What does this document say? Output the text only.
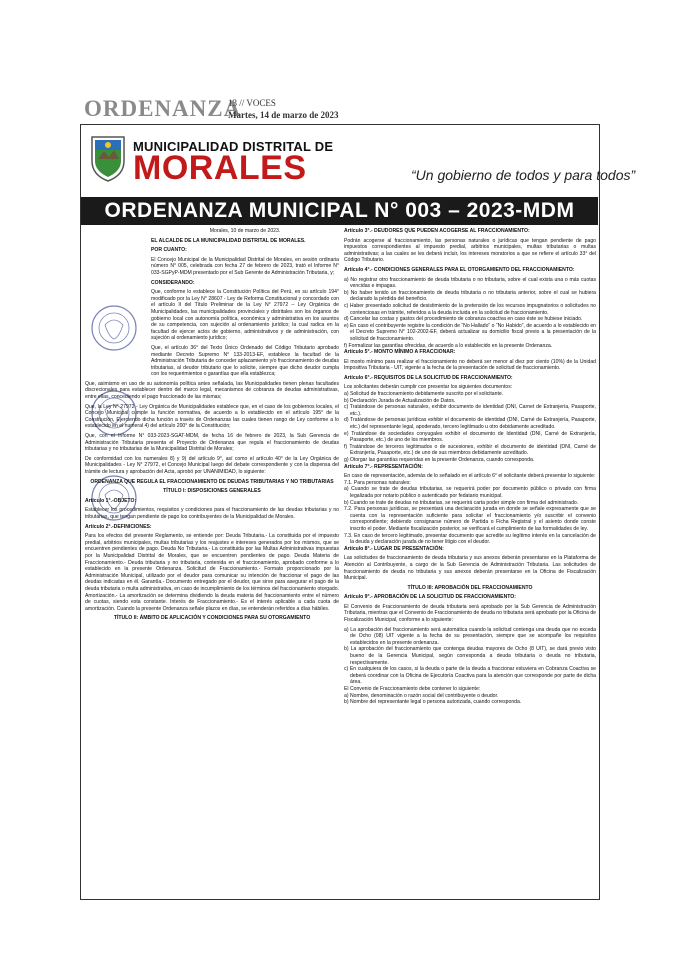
ORDENANZA
13 // VOCES
Martes, 14 de marzo de 2023
MUNICIPALIDAD DISTRITAL DE
MORALES	“Un gobierno de todos y para todos”
ORDENANZA MUNICIPAL N° 003 – 2023-MDM

Morales, 10 de marzo de 2023.

EL ALCALDE DE LA MUNICIPALIDAD DISTRITAL DE MORALES.

POR CUANTO:

El Concejo Municipal de la Municipalidad Distrital de Morales, en sesión ordinaria número N° 005, celebrada con fecha 27 de febrero de 2023, trató el Informe N° 033-SGPyP-MDM presentado por el Sub Gerente de Administración Tributaria, y;

CONSIDERANDO:

Que, conforme lo establece la Constitución Política del Perú, en su artículo 194° modificado por la Ley N° 28607 - Ley de Reforma Constitucional y concordado con el artículo II del Título Preliminar de la Ley N° 27972 – Ley Orgánica de Municipalidades, las municipalidades provinciales y distritales son los órganos de gobierno local con autonomía política, económica y administrativa en los asuntos de su competencia, con sujeción al ordenamiento jurídico; la cual radica en la facultad de ejercer actos de gobierno, administrativos y de administración, con sujeción al ordenamiento jurídico;

Que, el artículo 36° del Texto Único Ordenado del Código Tributario aprobado mediante Decreto Supremo N° 133-2013-EF, establece la facultad de la Administración Tributaria de conceder aplazamiento y/o fraccionamiento de deudas tributarias, al deudor tributario que lo solicite, siempre que dicho deudor cumpla con los requerimientos o garantías que ella establezca;

Que, asimismo en uso de su autonomía política antes señalada, las Municipalidades tienen plenas facultades discrecionales para establecer dentro del marco legal, mecanismos de cobranza de deudas administrativas, entre ellas, concediendo el pago fraccionado de las mismas;

Que, la Ley N° 27972 - Ley Orgánica de Municipalidades establece que, en el caso de los gobiernos locales, el Concejo Municipal cumple la función normativa, de acuerdo a lo establecido en el artículo 195° de la Constitución, Ejerciendo dicha función a través de Ordenanzas las cuales tienen rango de Ley conforme a lo establecido en el numeral 4) del artículo 200° de la Constitución;

Que, con el Informe N° 033-2023-SGAT-MDM, de fecha 16 de febrero de 2023, la Sub Gerencia de Administración Tributaria presenta el Proyecto de Ordenanza que regula el fraccionamiento de deudas tributarias y no tributarias de la Municipalidad Distrital de Morales;

De conformidad con los numerales 8) y 9) del artículo 9°, así como el artículo 40° de la Ley Orgánica de Municipalidades - Ley N° 27972, el Concejo Municipal luego del debate correspondiente y con la dispensa del trámite de lectura y aprobación del Acta, aprobó por UNANIMIDAD, lo siguiente:

ORDENANZA QUE REGULA EL FRACCIONAMIENTO DE DEUDAS TRIBUTARIAS Y NO TRIBUTARIAS

TÍTULO I: DISPOSICIONES GENERALES

Artículo 1°.-OBJETO:

Establecer los procedimientos, requisitos y condiciones para el fraccionamiento de las deudas tributarias y no tributarias, que tengan pendiente de pago los contribuyentes de la Municipalidad de Morales.

Artículo 2°.-DEFINICIONES:

Para los efectos del presente Reglamento, se entiende por: Deuda Tributaria.- La constituida por el impuesto predial, arbitrios municipales, multas tributarias y los reajustes e intereses generados por los mismos, que se encuentren pendientes de pago. Deuda No Tributaria.- La constituida por las Multas Administrativas impuestas por la Municipalidad Distrital de Morales, que se encuentren pendientes de pago. Deuda Materia de Fraccionamiento.- Deuda tributaria y no tributaria, contenida en el fraccionamiento, aprobado conforme a lo establecido en la presente Ordenanza. Solicitud de Fraccionamiento.- Formato proporcionado por la Administración Municipal, utilizado por el deudor para comunicar su intención de fraccionar el pago de las deudas indicadas en él. Garantía.- Documento entregado por el deudor, que sirve para asegurar el pago de la deuda tributaria o multa administrativa, en caso de incumplimiento de los términos del fraccionamiento otorgado. Amortización.- La amortización se determina dividiendo la deuda materia del fraccionamiento entre el número de cuotas, siendo esta constante. Interés de Fraccionamiento.- Es el interés aplicable a cada cuota de amortización. Cuando la presente Ordenanza señale plazos en días, se entenderán referidos a días hábiles.

TÍTULO II: ÁMBITO DE APLICACIÓN Y CONDICIONES PARA SU OTORGAMIENTO

Artículo 3°.- DEUDORES QUE PUEDEN ACOGERSE AL FRACCIONAMIENTO:

Podrán acogerse al fraccionamiento, las personas naturales o jurídicas que tengan pendiente de pago impuestos correspondientes al impuesto predial, arbitrios municipales, multas tributarias o multas administrativas; a las cuales se les deberá incluir, los intereses moratorios a que se refiere el artículo 33° del Código Tributario.

Artículo 4°.- CONDICIONES GENERALES PARA EL OTORGAMIENTO DEL FRACCIONAMIENTO:

a) No registrar otro fraccionamiento de deuda tributaria o no tributaria, sobre el cual exista una o más cuotas vencidas e impagas.

b) No haber tenido un fraccionamiento de deuda tributaria o no tributaria anterior, sobre el cual se hubiera declarado la pérdida del beneficio.

c) Haber presentado solicitud de desistimiento de la pretensión de los recursos impugnatorios o solicitudes no contenciosas en trámite, referidos a la deuda incluida en la solicitud de fraccionamiento.

d) Cancelar las costas y gastos del procedimiento de cobranza coactiva en caso éste se hubiese iniciado.

e) En caso el contribuyente registre la condición de “No Hallado” o “No Habido”, de acuerdo a lo establecido en el Decreto Supremo N° 102-2002-EF, deberá actualizar su domicilio fiscal previo a la presentación de la solicitud de fraccionamiento.

f) Formalizar las garantías ofrecidas, de acuerdo a lo establecido en la presente Ordenanza.

Artículo 5°.- MONTO MÍNIMO A FRACCIONAR:

El monto mínimo para realizar el fraccionamiento no deberá ser menor al diez por ciento (10%) de la Unidad Impositiva Tributaria - UIT, vigente a la fecha de la presentación de solicitud de fraccionamiento.

Artículo 6°.- REQUISITOS DE LA SOLICITUD DE FRACCIONAMIENTO:

Los solicitantes deberán cumplir con presentar los siguientes documentos:

a) Solicitud de fraccionamiento debidamente suscrito por el solicitante.

b) Declaración Jurada de Actualización de Datos.

c) Tratándose de personas naturales, exhibir documento de identidad (DNI, Carnet de Extranjería, Pasaporte, etc.).

d) Tratándose de personas jurídicas exhibir el documento de identidad (DNI, Carné de Extranjería, Pasaporte, etc.) del representante legal, apoderado, tercero legitimado u otro debidamente acreditado.

e) Tratándose de sociedades conyugales exhibir el documento de Identidad (DNI, Carné de Extranjería, Pasaporte, etc.) de uno de los miembros.

f) Tratándose de terceros legitimados o de sucesiones, exhibir el documento de identidad (DNI, Carné de Extranjería, Pasaporte, etc.) de uno de sus miembros debidamente acreditado.

g) Otorgar las garantías requeridas en la presente Ordenanza, cuando corresponda.

Artículo 7°.- REPRESENTACIÓN:

En caso de representación, además de lo señalado en el artículo 6° el solicitante deberá presentar lo siguiente:

7.1. Para personas naturales:

a) Cuando se trate de deudas tributarias, se requerirá poder por documento público o privado con firma legalizada por notario público o autenticado por fedatario municipal.

b) Cuando se trate de deudas no tributarias, se requerirá carta poder simple con firma del administrado.

7.2. Para personas jurídicas, se presentará una declaración jurada en donde se señale expresamente que se cuenta con la representación suficiente para solicitar el fraccionamiento y/o suscribir el convenio correspondiente; debiendo consignarse número de Partida o Ficha Registral y el asiento donde conste inscrito el poder. Mediante fiscalización posterior, se verificará el cumplimiento de las formalidades de ley.

7.3. En caso de tercero legitimado, presentar documento que acredite su legítimo interés en la cancelación de la deuda y declaración jurada de no tener litigio con el deudor.

Artículo 8°.- LUGAR DE PRESENTACIÓN:

Las solicitudes de fraccionamiento de deuda tributaria y sus anexos deberán presentarse en la Plataforma de Atención al Contribuyente, a cargo de la Sub Gerencia de Administración Tributaria. Las solicitudes de fraccionamiento de deuda no tributaria y sus anexos deberán presentarse en la Oficina de Fiscalización Municipal.

TÍTULO III: APROBACIÓN DEL FRACCIONAMIENTO

Artículo 9°.- APROBACIÓN DE LA SOLICITUD DE FRACCIONAMIENTO:

El Convenio de Fraccionamiento de deuda tributaria será aprobado por la Sub Gerencia de Administración Tributaria, mientras que el Convenio de Fraccionamiento de deuda no tributaria será aprobado por la Oficina de Fiscalización Municipal, conforme a lo siguiente:

a) La aprobación del fraccionamiento será automática cuando la solicitud contenga una deuda que no exceda de Ocho (08) UIT vigente a la fecha de su presentación, siempre que se acompañe los requisitos establecidos en la presente ordenanza.

b) La aprobación del fraccionamiento que contenga deudas mayores de Ocho (8 UIT), se dará previo visto bueno de la Gerencia Municipal, según corresponda a deuda tributaria o deuda no tributaria, respectivamente.

c) En cualquiera de los casos, si la deuda o parte de la deuda a fraccionar estuviera en Cobranza Coactiva se deberá coordinar con la Oficina de Ejecutoría Coactiva para la atención que corresponde por parte de dicha área.

El Convenio de Fraccionamiento debe contener lo siguiente:

a) Nombre, denominación o razón social del contribuyente o deudor.

b) Nombre del representante legal o persona autorizada, cuando corresponda.
